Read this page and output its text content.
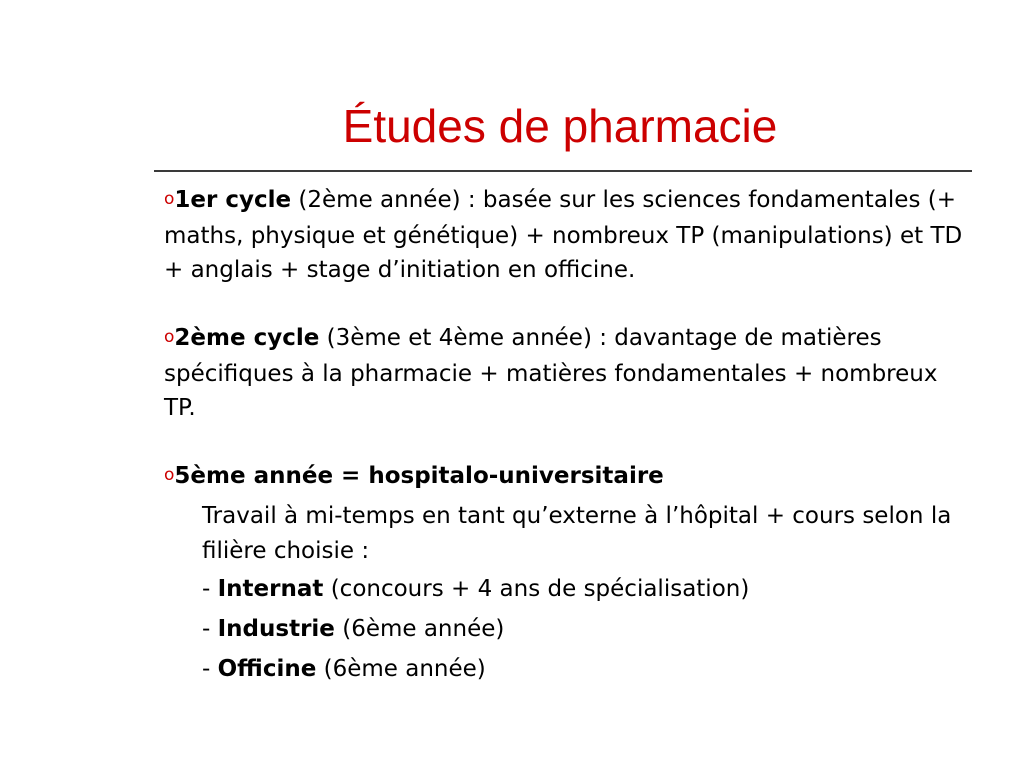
Études de pharmacie

o1er cycle (2ème année) : basée sur les sciences fondamentales (+ maths, physique et génétique) + nombreux TP (manipulations) et TD + anglais + stage d’initiation en officine.

o2ème cycle (3ème et 4ème année) : davantage de matières spécifiques à la pharmacie + matières fondamentales + nombreux TP.

o5ème année = hospitalo-universitaire
Travail à mi-temps en tant qu’externe à l’hôpital + cours selon la filière choisie :
- Internat (concours + 4 ans de spécialisation)
- Industrie (6ème année)
- Officine (6ème année)
